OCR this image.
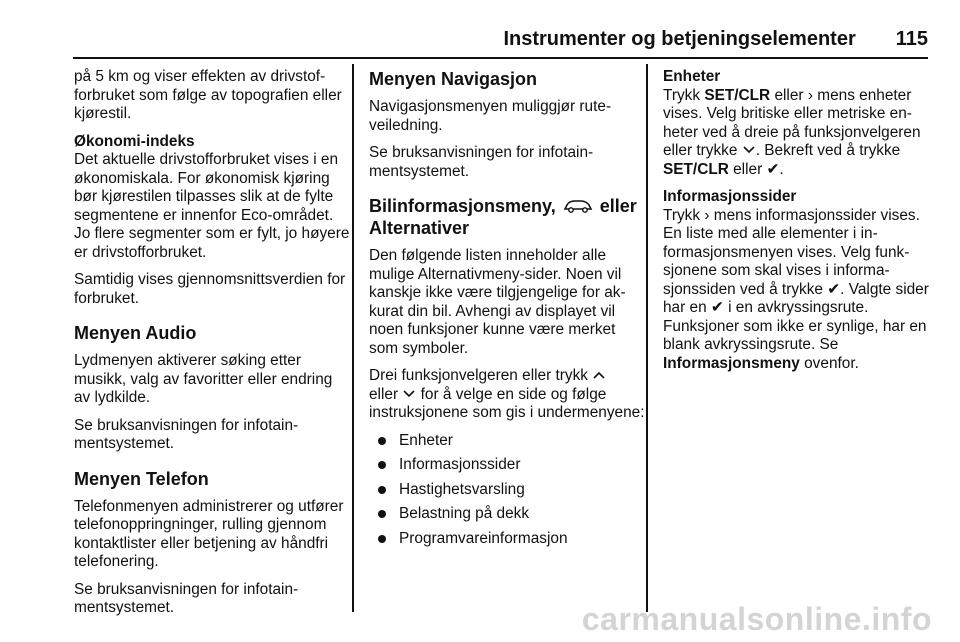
Instrumenter og betjeningselementer 115

på 5 km og viser effekten av drivstofforbruket som følge av topografien eller kjørestil.

Økonomi-indeks

Det aktuelle drivstofforbruket vises i en økonomiskala. For økonomisk kjøring bør kjørestilen tilpasses slik at de fylte segmentene er innenfor Eco-området. Jo flere segmenter som er fylt, jo høyere er drivstofforbruket.

Samtidig vises gjennomsnittsverdien for forbruket.

Menyen Audio

Lydmenyen aktiverer søking etter musikk, valg av favoritter eller endring av lydkilde.

Se bruksanvisningen for infotainmentsystemet.

Menyen Telefon

Telefonmenyen administrerer og utfører telefonoppringninger, rulling gjennom kontaktlister eller betjening av håndfri telefonering.

Se bruksanvisningen for infotainmentsystemet.

Menyen Navigasjon

Navigasjonsmenyen muliggjør ruteveiledning.

Se bruksanvisningen for infotainmentsystemet.

Bilinformasjonsmeny, eller
Alternativer

Den følgende listen inneholder alle mulige Alternativmeny-sider. Noen vil kanskje ikke være tilgjengelige for akkurat din bil. Avhengi av displayet vil noen funksjoner kunne være merket som symboler.

Drei funksjonvelgeren eller trykk
eller for å velge en side og følge instruksjonene som gis i undermenyene:

Enheter
Informasjonssider
Hastighetsvarsling
Belastning på dekk
Programvareinformasjon

Enheter

Trykk SET/CLR eller › mens enheter vises. Velg britiske eller metriske enheter ved å dreie på funksjonvelgeren eller trykke . Bekreft ved å trykke SET/CLR eller ✔.

Informasjonssider

Trykk › mens informasjonssider vises. En liste med alle elementer i informasjonsmenyen vises. Velg funksjonene som skal vises i informasjonssiden ved å trykke ✔. Valgte sider har en ✔ i en avkryssingsrute. Funksjoner som ikke er synlige, har en blank avkryssingsrute. Se Informasjonsmeny ovenfor.

carmanualsonline.info
